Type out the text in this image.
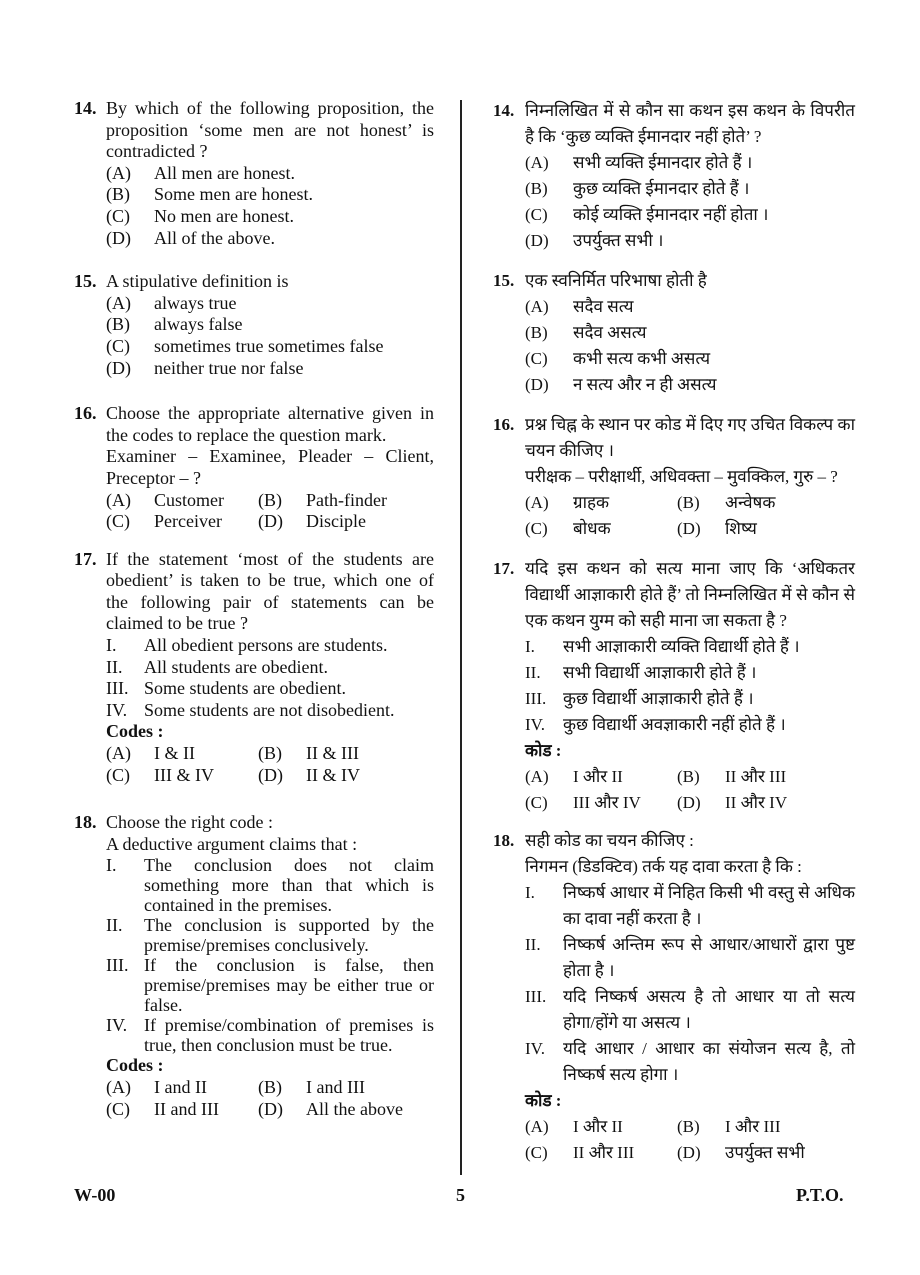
14. By which of the following proposition, the proposition ‘some men are not honest’ is contradicted ?
(A)	All men are honest.
(B)	Some men are honest.
(C)	No men are honest.
(D)	All of the above.
15. A stipulative definition is
(A)	always true
(B)	always false
(C)	sometimes true sometimes false
(D)	neither true nor false
16. Choose the appropriate alternative given in the codes to replace the question mark.
Examiner – Examinee, Pleader – Client, Preceptor – ?
(A)	Customer	(B)	Path-finder
(C)	Perceiver	(D)	Disciple
17. If the statement ‘most of the students are obedient’ is taken to be true, which one of the following pair of statements can be claimed to be true ?
I.	All obedient persons are students.
II.	All students are obedient.
III. Some students are obedient.
IV. Some students are not disobedient.
Codes :
(A)	I & II	(B)	II & III
(C)	III & IV	(D)	II & IV
18. Choose the right code :
A deductive argument claims that :
I.	The conclusion does not claim something more than that which is contained in the premises.
II.	The conclusion is supported by the premise/premises conclusively.
III. If the conclusion is false, then premise/premises may be either true or false.
IV. If premise/combination of premises is true, then conclusion must be true.
Codes :
(A)	I and II	(B)	I and III
(C)	II and III	(D)	All the above
14. निम्नलिखित में से कौन सा कथन इस कथन के विपरीत है कि ‘कुछ व्यक्ति ईमानदार नहीं होते’ ?
(A)	सभी व्यक्ति ईमानदार होते हैं ।
(B)	कुछ व्यक्ति ईमानदार होते हैं ।
(C)	कोई व्यक्ति ईमानदार नहीं होता ।
(D)	उपर्युक्त सभी ।
15. एक स्वनिर्मित परिभाषा होती है
(A)	सदैव सत्य
(B)	सदैव असत्य
(C)	कभी सत्य कभी असत्य
(D)	न सत्य और न ही असत्य
16. प्रश्न चिह्न के स्थान पर कोड में दिए गए उचित विकल्प का चयन कीजिए ।
परीक्षक – परीक्षार्थी, अधिवक्ता – मुवक्किल, गुरु – ?
(A)	ग्राहक	(B)	अन्वेषक
(C)	बोधक	(D)	शिष्य
17. यदि इस कथन को सत्य माना जाए कि ‘अधिकतर विद्यार्थी आज्ञाकारी होते हैं’ तो निम्नलिखित में से कौन से एक कथन युग्म को सही माना जा सकता है ?
I.	सभी आज्ञाकारी व्यक्ति विद्यार्थी होते हैं ।
II.	सभी विद्यार्थी आज्ञाकारी होते हैं ।
III. कुछ विद्यार्थी आज्ञाकारी होते हैं ।
IV.	कुछ विद्यार्थी अवज्ञाकारी नहीं होते हैं ।
कोड :
(A)	I और II	(B)	II और III
(C)	III और IV	(D)	II और IV
18. सही कोड का चयन कीजिए :
निगमन (डिडक्टिव) तर्क यह दावा करता है कि :
I.	निष्कर्ष आधार में निहित किसी भी वस्तु से अधिक का दावा नहीं करता है ।
II.	निष्कर्ष अन्तिम रूप से आधार/आधारों द्वारा पुष्ट होता है ।
III. यदि निष्कर्ष असत्य है तो आधार या तो सत्य होगा/होंगे या असत्य ।
IV.	यदि आधार / आधार का संयोजन सत्य है, तो निष्कर्ष सत्य होगा ।
कोड :
(A)	I और II	(B)	I और III
(C)	II और III	(D)	उपर्युक्त सभी
W-00	5	P.T.O.
